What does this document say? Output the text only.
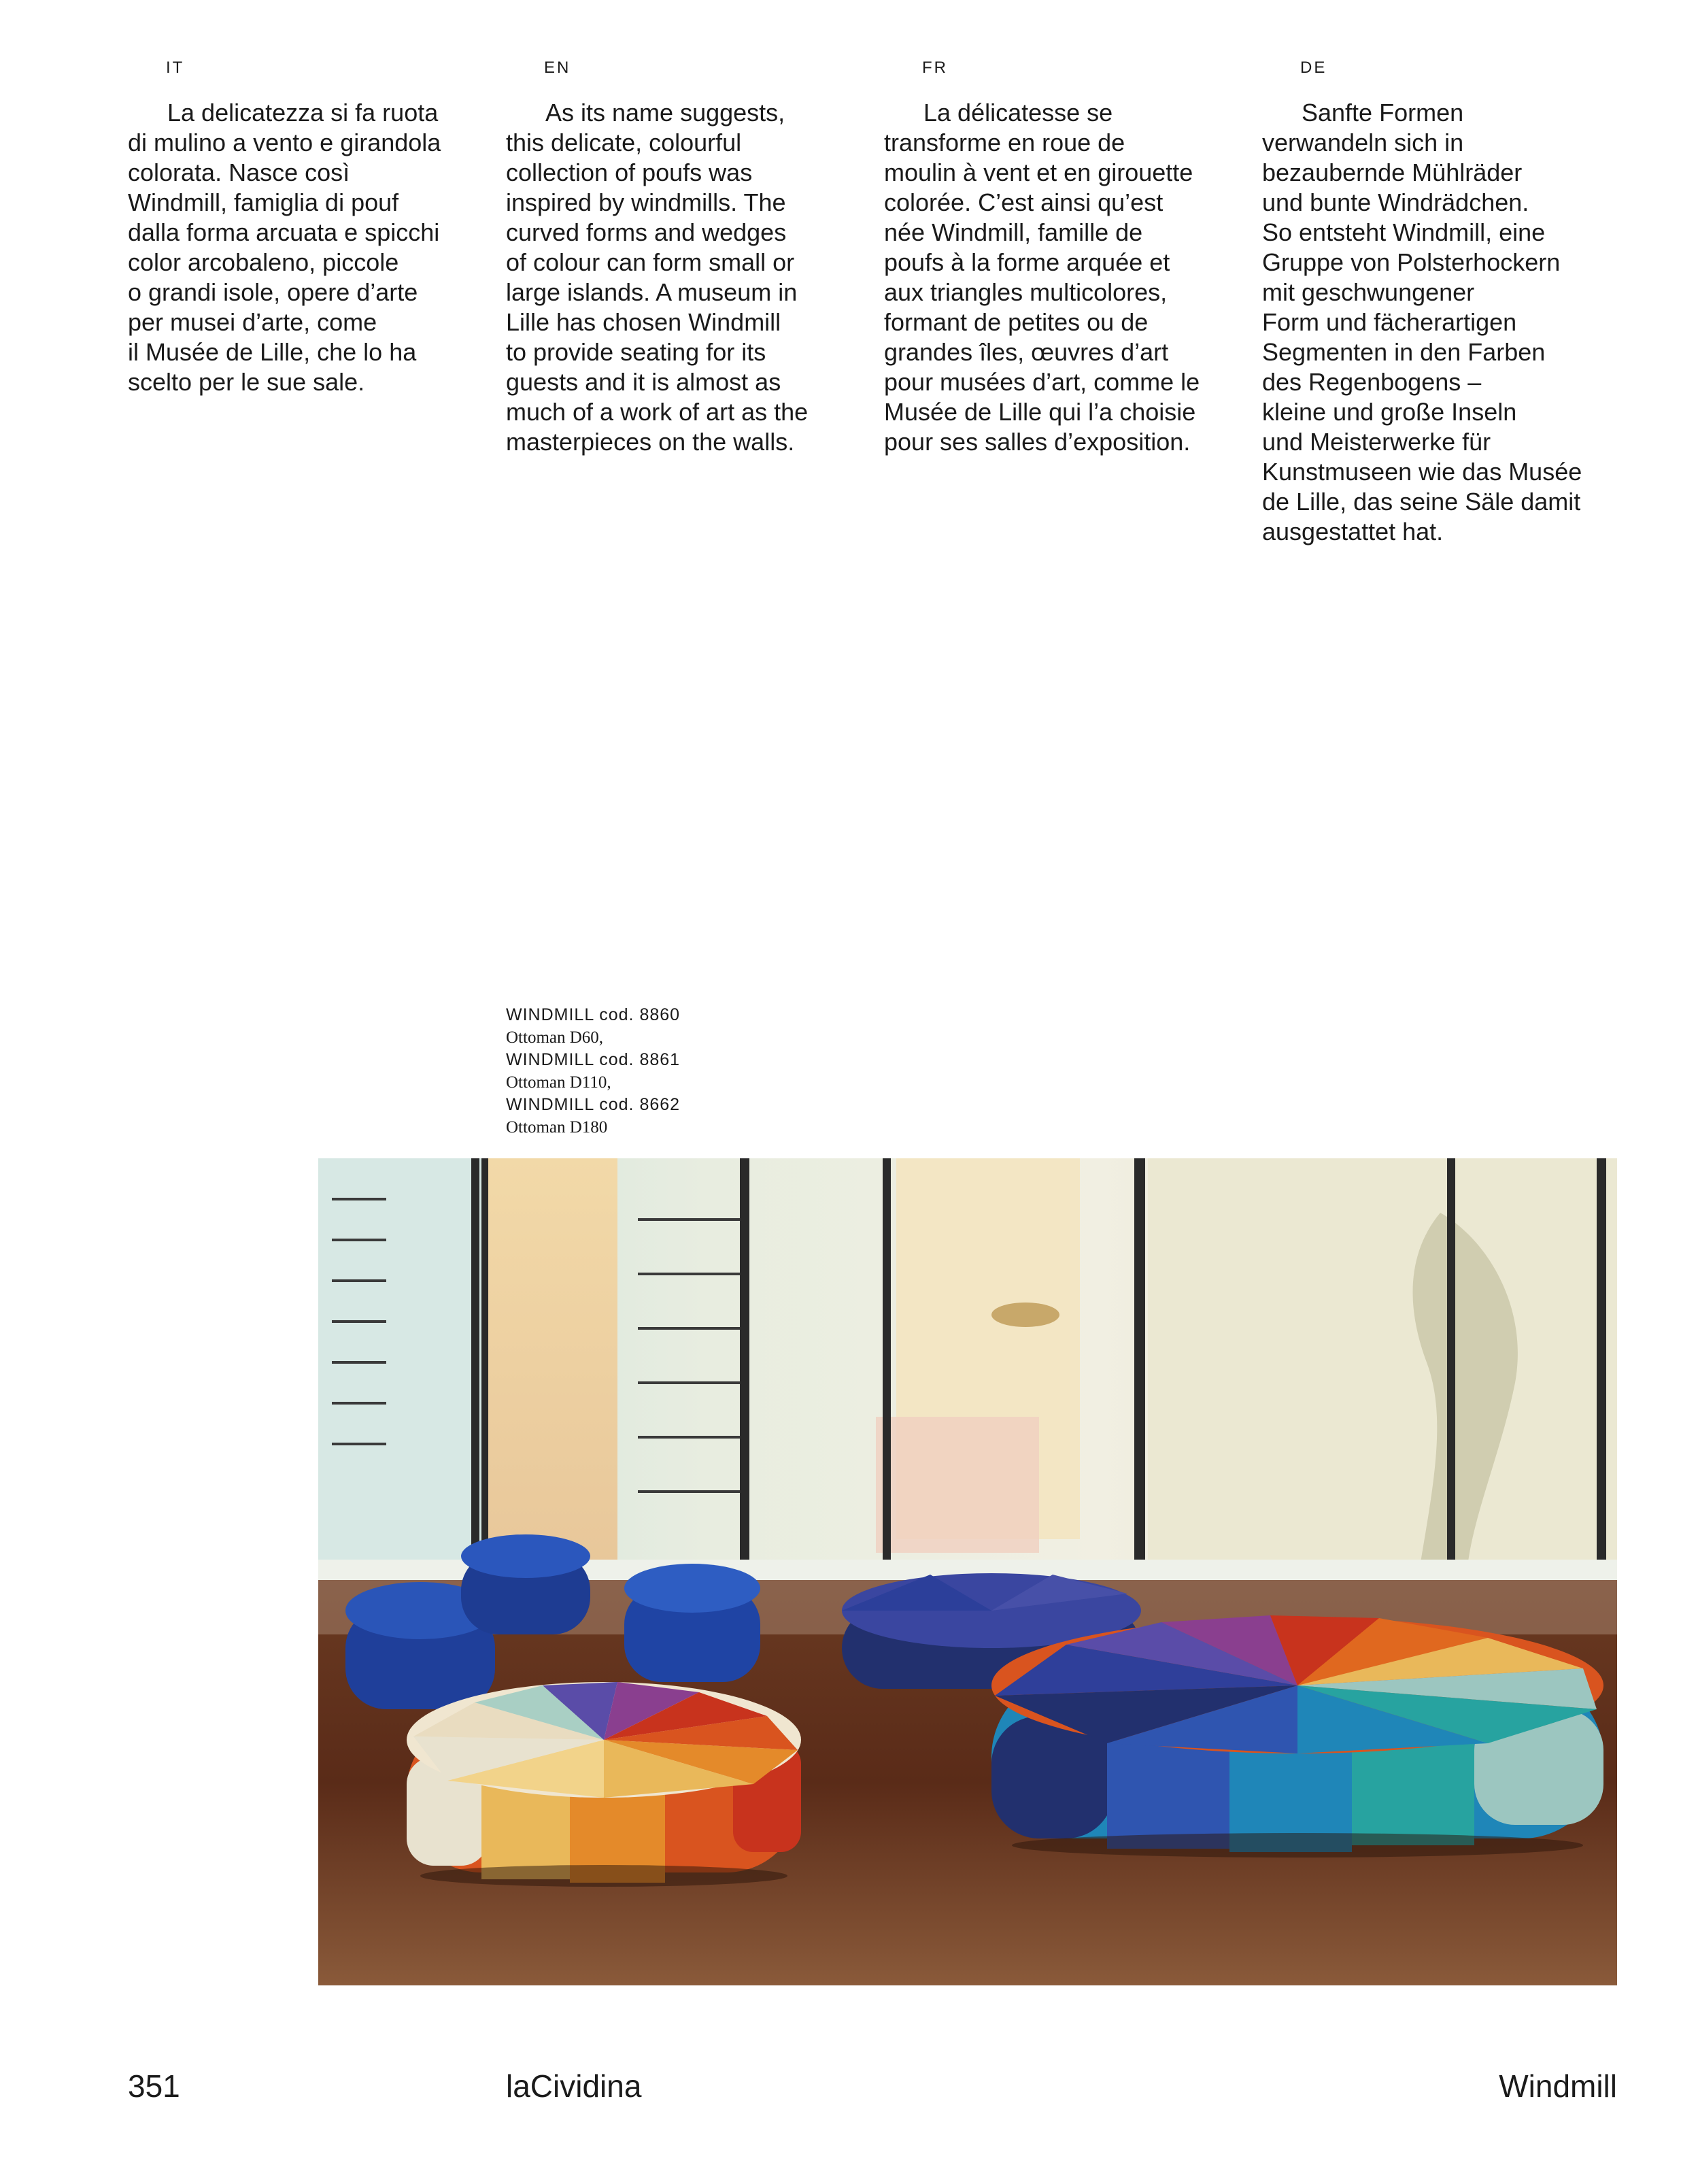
IT

La delicatezza si fa ruota
di mulino a vento e girandola
colorata. Nasce così
Windmill, famiglia di pouf
dalla forma arcuata e spicchi
color arcobaleno, piccole
o grandi isole, opere d’arte
per musei d’arte, come
il Musée de Lille, che lo ha
scelto per le sue sale.

EN

As its name suggests,
this delicate, colourful
collection of poufs was
inspired by windmills. The
curved forms and wedges
of colour can form small or
large islands. A museum in
Lille has chosen Windmill
to provide seating for its
guests and it is almost as
much of a work of art as the
masterpieces on the walls.

FR

La délicatesse se
transforme en roue de
moulin à vent et en girouette
colorée. C’est ainsi qu’est
née Windmill, famille de
poufs à la forme arquée et
aux triangles multicolores,
formant de petites ou de
grandes îles, œuvres d’art
pour musées d’art, comme le
Musée de Lille qui l’a choisie
pour ses salles d’exposition.

DE

Sanfte Formen
verwandeln sich in
bezaubernde Mühlräder
und bunte Windrädchen.
So entsteht Windmill, eine
Gruppe von Polsterhockern
mit geschwungener
Form und fächerartigen
Segmenten in den Farben
des Regenbogens –
kleine und große Inseln
und Meisterwerke für
Kunstmuseen wie das Musée
de Lille, das seine Säle damit
ausgestattet hat.

WINDMILL cod. 8860
Ottoman D60,
WINDMILL cod. 8861
Ottoman D110,
WINDMILL cod. 8662
Ottoman D180
351	laCividina	Windmill
